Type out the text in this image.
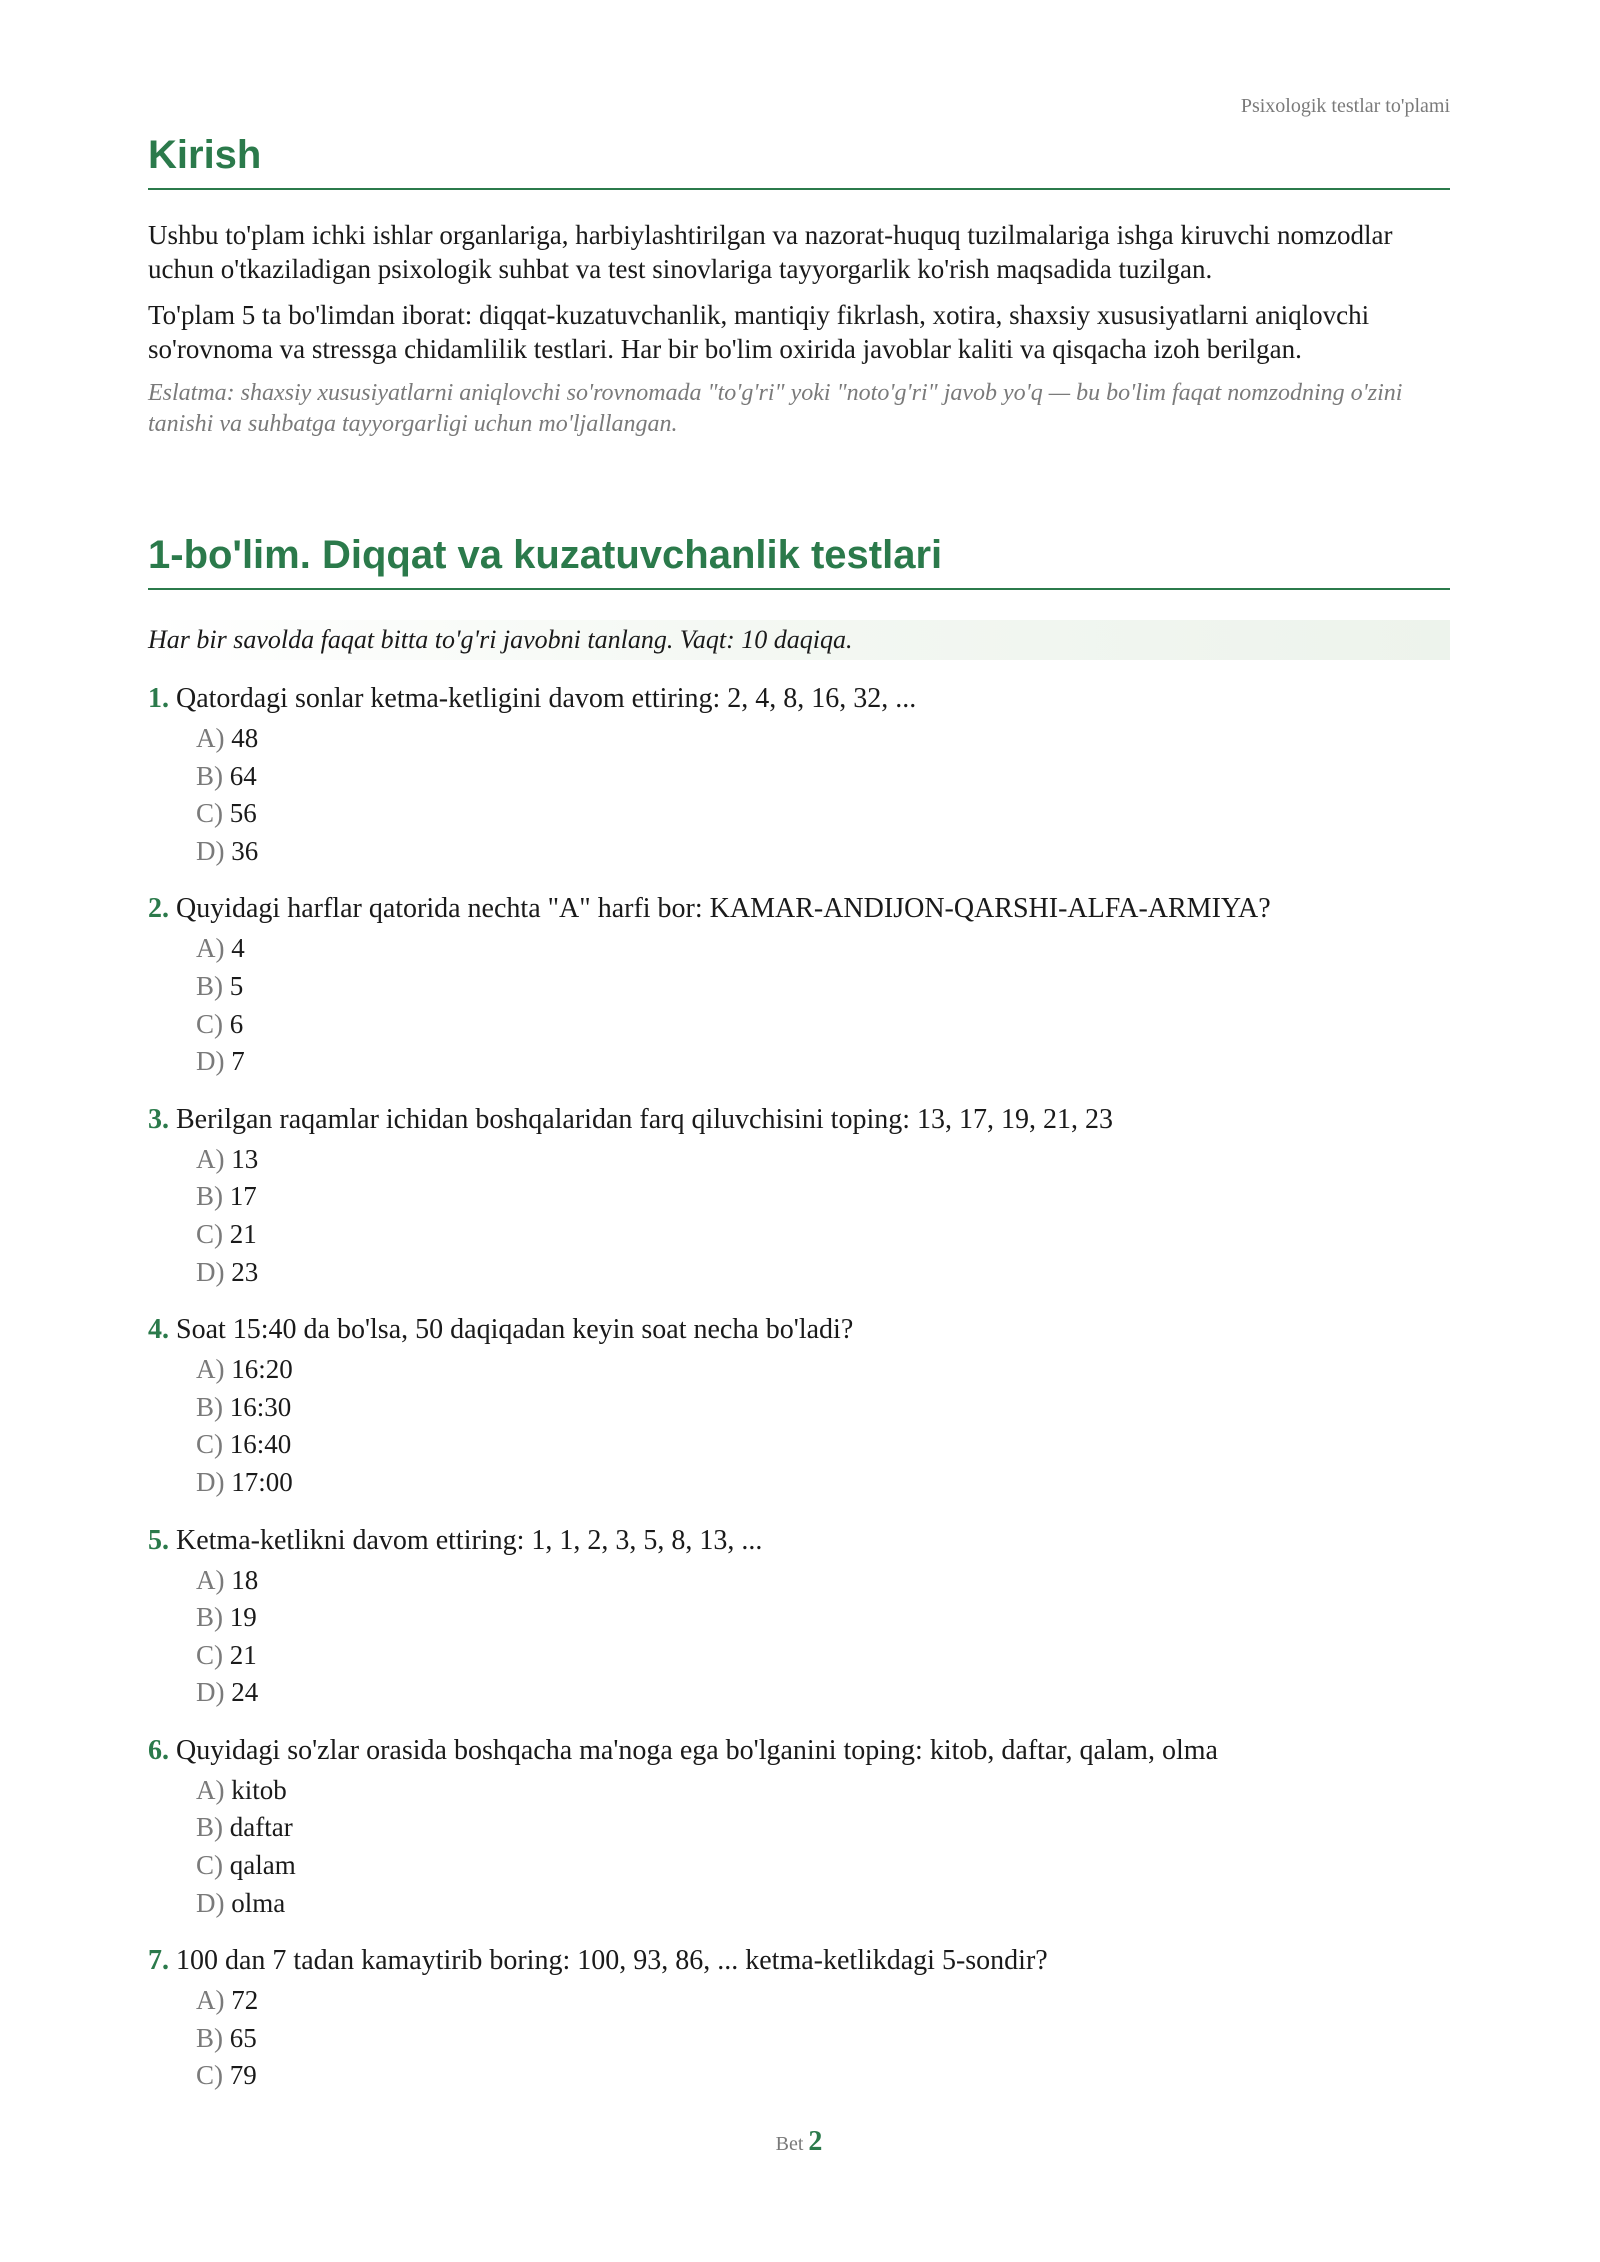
Psixologik testlar to'plami
Kirish

Ushbu to'plam ichki ishlar organlariga, harbiylashtirilgan va nazorat-huquq tuzilmalariga ishga kiruvchi nomzodlar uchun o'tkaziladigan psixologik suhbat va test sinovlariga tayyorgarlik ko'rish maqsadida tuzilgan.

To'plam 5 ta bo'limdan iborat: diqqat-kuzatuvchanlik, mantiqiy fikrlash, xotira, shaxsiy xususiyatlarni aniqlovchi so'rovnoma va stressga chidamlilik testlari. Har bir bo'lim oxirida javoblar kaliti va qisqacha izoh berilgan.

Eslatma: shaxsiy xususiyatlarni aniqlovchi so'rovnomada "to'g'ri" yoki "noto'g'ri" javob yo'q — bu bo'lim faqat nomzodning o'zini tanishi va suhbatga tayyorgarligi uchun mo'ljallangan.

1-bo'lim. Diqqat va kuzatuvchanlik testlari
Har bir savolda faqat bitta to'g'ri javobni tanlang. Vaqt: 10 daqiqa.
1. Qatordagi sonlar ketma-ketligini davom ettiring: 2, 4, 8, 16, 32, ...
A) 48
B) 64
C) 56
D) 36
2. Quyidagi harflar qatorida nechta "A" harfi bor: KAMAR-ANDIJON-QARSHI-ALFA-ARMIYA?
A) 4
B) 5
C) 6
D) 7
3. Berilgan raqamlar ichidan boshqalaridan farq qiluvchisini toping: 13, 17, 19, 21, 23
A) 13
B) 17
C) 21
D) 23
4. Soat 15:40 da bo'lsa, 50 daqiqadan keyin soat necha bo'ladi?
A) 16:20
B) 16:30
C) 16:40
D) 17:00
5. Ketma-ketlikni davom ettiring: 1, 1, 2, 3, 5, 8, 13, ...
A) 18
B) 19
C) 21
D) 24
6. Quyidagi so'zlar orasida boshqacha ma'noga ega bo'lganini toping: kitob, daftar, qalam, olma
A) kitob
B) daftar
C) qalam
D) olma
7. 100 dan 7 tadan kamaytirib boring: 100, 93, 86, ... ketma-ketlikdagi 5-sondir?
A) 72
B) 65
C) 79
Bet 2
